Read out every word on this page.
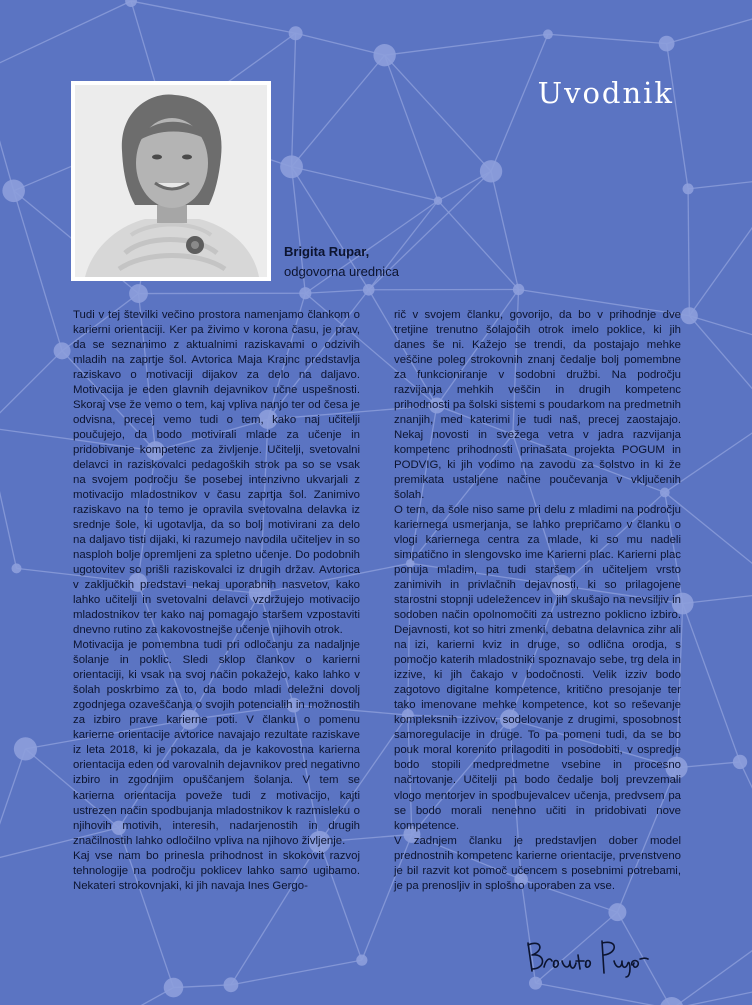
Uvodnik
Brigita Rupar,
odgovorna urednica

Tudi v tej številki večino prostora namenjamo člankom o karierni orientaciji. Ker pa živimo v korona času, je prav, da se seznanimo z aktualnimi raziskavami o odzivih mladih na zaprtje šol. Avtorica Maja Krajnc predstavlja raziskavo o motivaciji dijakov za delo na daljavo. Motivacija je eden glavnih dejavnikov učne uspešnosti. Skoraj vse že vemo o tem, kaj vpliva nanjo ter od česa je odvisna, precej vemo tudi o tem, kako naj učitelji poučujejo, da bodo motivirali mlade za učenje in pridobivanje kompetenc za življenje. Učitelji, svetovalni delavci in raziskovalci pedagoških strok pa so se vsak na svojem področju še posebej intenzivno ukvarjali z motivacijo mladostnikov v času zaprtja šol. Zanimivo raziskavo na to temo je opravila svetovalna delavka iz srednje šole, ki ugotavlja, da so bolj motivirani za delo na daljavo tisti dijaki, ki razumejo navodila učiteljev in so nasploh bolje opremljeni za spletno učenje. Do podobnih ugotovitev so prišli raziskovalci iz drugih držav. Avtorica v zaključkih predstavi nekaj uporabnih nasvetov, kako lahko učitelji in svetovalni delavci vzdržujejo motivacijo mladostnikov ter kako naj pomagajo staršem vzpostaviti dnevno rutino za kakovostnejše učenje njihovih otrok.

Motivacija je pomembna tudi pri odločanju za nadaljnje šolanje in poklic. Sledi sklop člankov o karierni orientaciji, ki vsak na svoj način pokažejo, kako lahko v šolah poskrbimo za to, da bodo mladi deležni dovolj zgodnjega ozaveščanja o svojih potencialih in možnostih za izbiro prave karierne poti. V članku o pomenu karierne orientacije avtorice navajajo rezultate raziskave iz leta 2018, ki je pokazala, da je kakovostna karierna orientacija eden od varovalnih dejavnikov pred negativno izbiro in zgodnjim opuščanjem šolanja. V tem se karierna orientacija poveže tudi z motivacijo, kajti ustrezen način spodbujanja mladostnikov k razmisleku o njihovih motivih, interesih, nadarjenostih in drugih značilnostih lahko odločilno vpliva na njihovo življenje.

Kaj vse nam bo prinesla prihodnost in skokovit razvoj tehnologije na področju poklicev lahko samo ugibamo. Nekateri strokovnjaki, ki jih navaja Ines Gergo-

rič v svojem članku, govorijo, da bo v prihodnje dve tretjine trenutno šolajočih otrok imelo poklice, ki jih danes še ni. Kažejo se trendi, da postajajo mehke veščine poleg strokovnih znanj čedalje bolj pomembne za funkcioniranje v sodobni družbi. Na področju razvijanja mehkih veščin in drugih kompetenc prihodnosti pa šolski sistemi s poudarkom na predmetnih znanjih, med katerimi je tudi naš, precej zaostajajo. Nekaj novosti in svežega vetra v jadra razvijanja kompetenc prihodnosti prinašata projekta POGUM in PODVIG, ki jih vodimo na zavodu za šolstvo in ki že premikata ustaljene načine poučevanja v vključenih šolah.

O tem, da šole niso same pri delu z mladimi na področju kariernega usmerjanja, se lahko prepričamo v članku o vlogi kariernega centra za mlade, ki so mu nadeli simpatično in slengovsko ime Karierni plac. Karierni plac ponuja mladim, pa tudi staršem in učiteljem vrsto zanimivih in privlačnih dejavnosti, ki so prilagojene starostni stopnji udeležencev in jih skušajo na nevsiljiv in sodoben način opolnomočiti za ustrezno poklicno izbiro. Dejavnosti, kot so hitri zmenki, debatna delavnica zihr ali na izi, karierni kviz in druge, so odlična orodja, s pomočjo katerih mladostniki spoznavajo sebe, trg dela in izzive, ki jih čakajo v bodočnosti. Velik izziv bodo zagotovo digitalne kompetence, kritično presojanje ter tako imenovane mehke kompetence, kot so reševanje kompleksnih izzivov, sodelovanje z drugimi, sposobnost samoregulacije in druge. To pa pomeni tudi, da se bo pouk moral korenito prilagoditi in posodobiti, v ospredje bodo stopili medpredmetne vsebine in procesno načrtovanje. Učitelji pa bodo čedalje bolj prevzemali vlogo mentorjev in spodbujevalcev učenja, predvsem pa se bodo morali nenehno učiti in pridobivati nove kompetence.

V zadnjem članku je predstavljen dober model prednostnih kompetenc karierne orientacije, prvenstveno je bil razvit kot pomoč učencem s posebnimi potrebami, je pa prenosljiv in splošno uporaben za vse.
